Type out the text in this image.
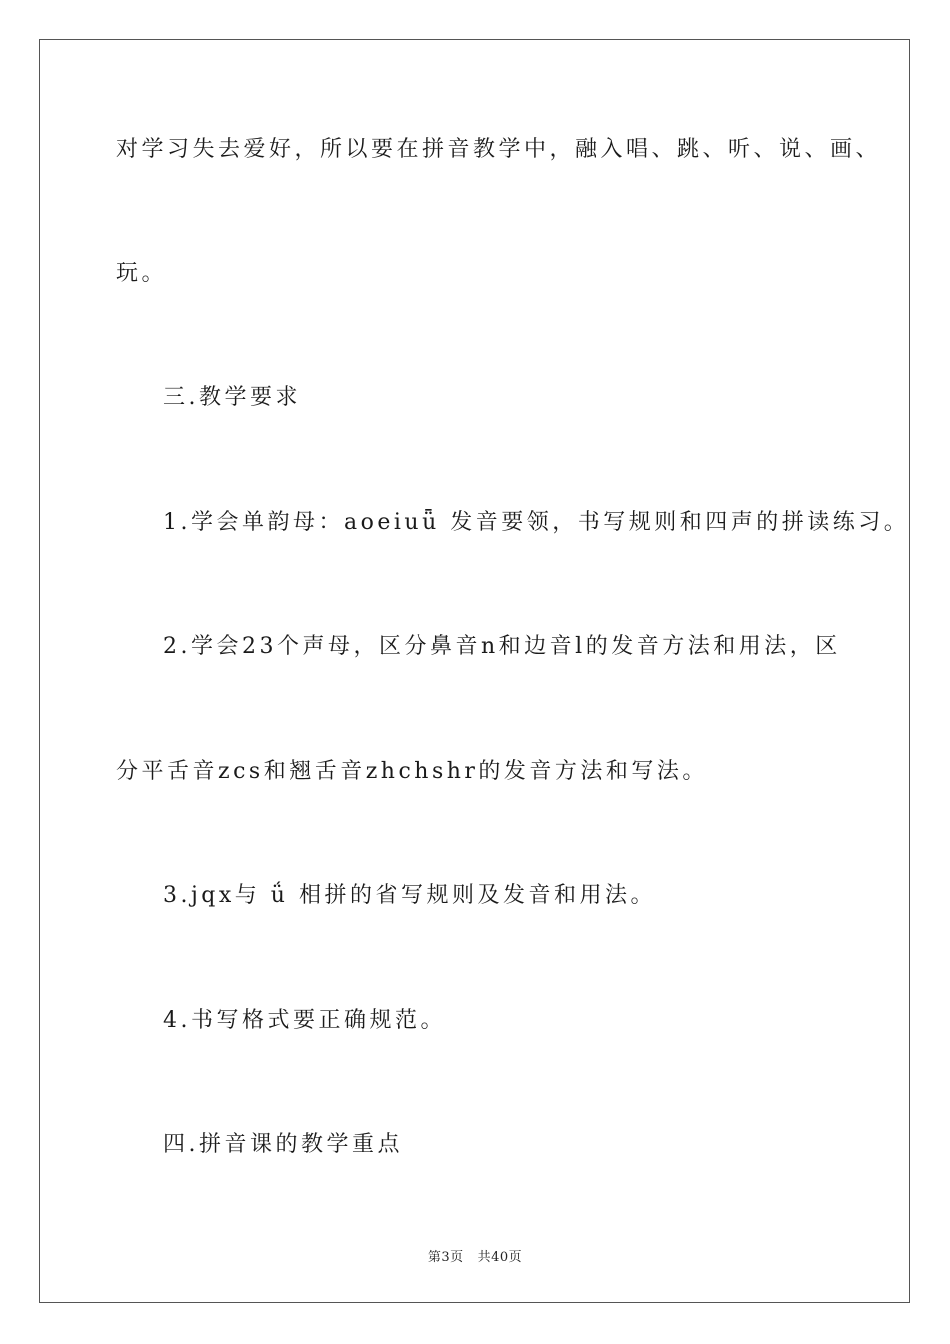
对学习失去爱好，所以要在拼音教学中，融入唱、跳、听、说、画、
玩。
三.教学要求
1.学会单韵母：aoeiuǖ 发音要领，书写规则和四声的拼读练习。
2.学会23个声母，区分鼻音n和边音l的发音方法和用法，区
分平舌音zcs和翘舌音zhchshr的发音方法和写法。
3.jqx与 ǘ 相拼的省写规则及发音和用法。
4.书写格式要正确规范。
四.拼音课的教学重点
第3页 共40页
